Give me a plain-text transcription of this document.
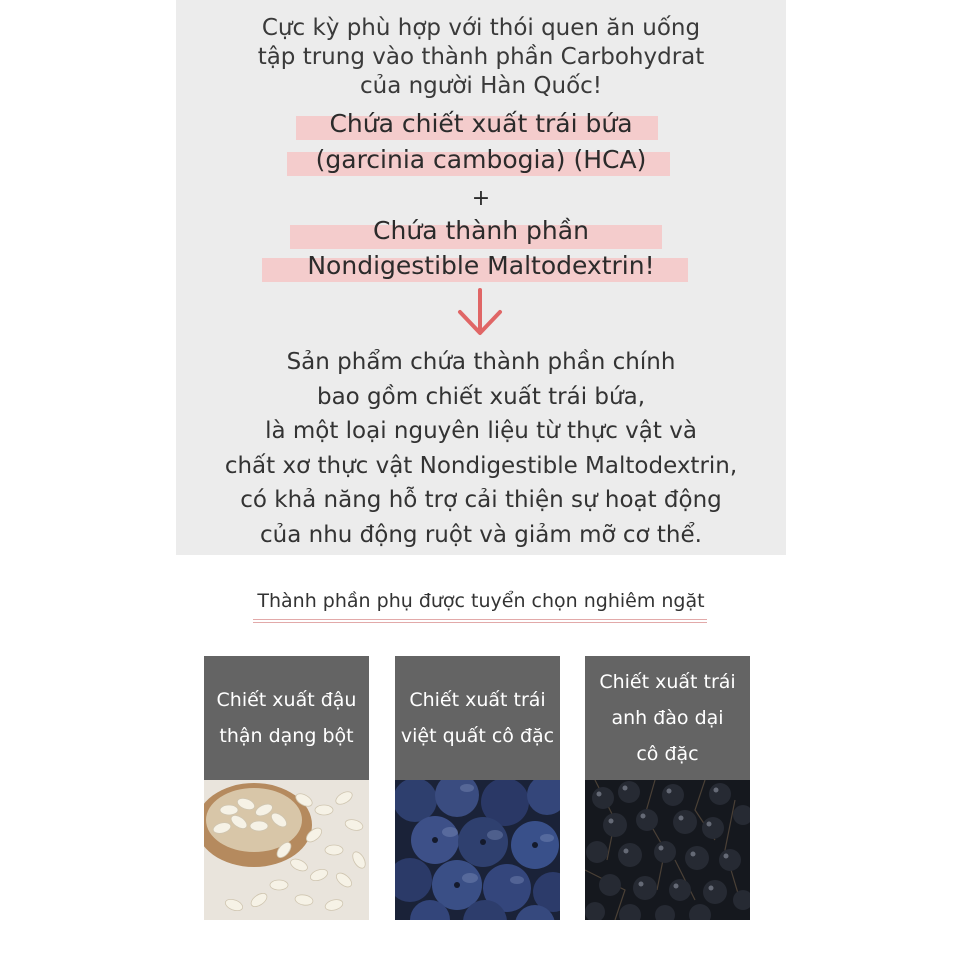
Cực kỳ phù hợp với thói quen ăn uống
tập trung vào thành phần Carbohydrat
của người Hàn Quốc!
Chứa chiết xuất trái bứa
(garcinia cambogia) (HCA)
+
Chứa thành phần
Nondigestible Maltodextrin!
Sản phẩm chứa thành phần chính
bao gồm chiết xuất trái bứa,
là một loại nguyên liệu từ thực vật và
chất xơ thực vật Nondigestible Maltodextrin,
có khả năng hỗ trợ cải thiện sự hoạt động
của nhu động ruột và giảm mỡ cơ thể.
Thành phần phụ được tuyển chọn nghiêm ngặt
Chiết xuất đậu
thận dạng bột
Chiết xuất trái
việt quất cô đặc
Chiết xuất trái
anh đào dại
cô đặc
